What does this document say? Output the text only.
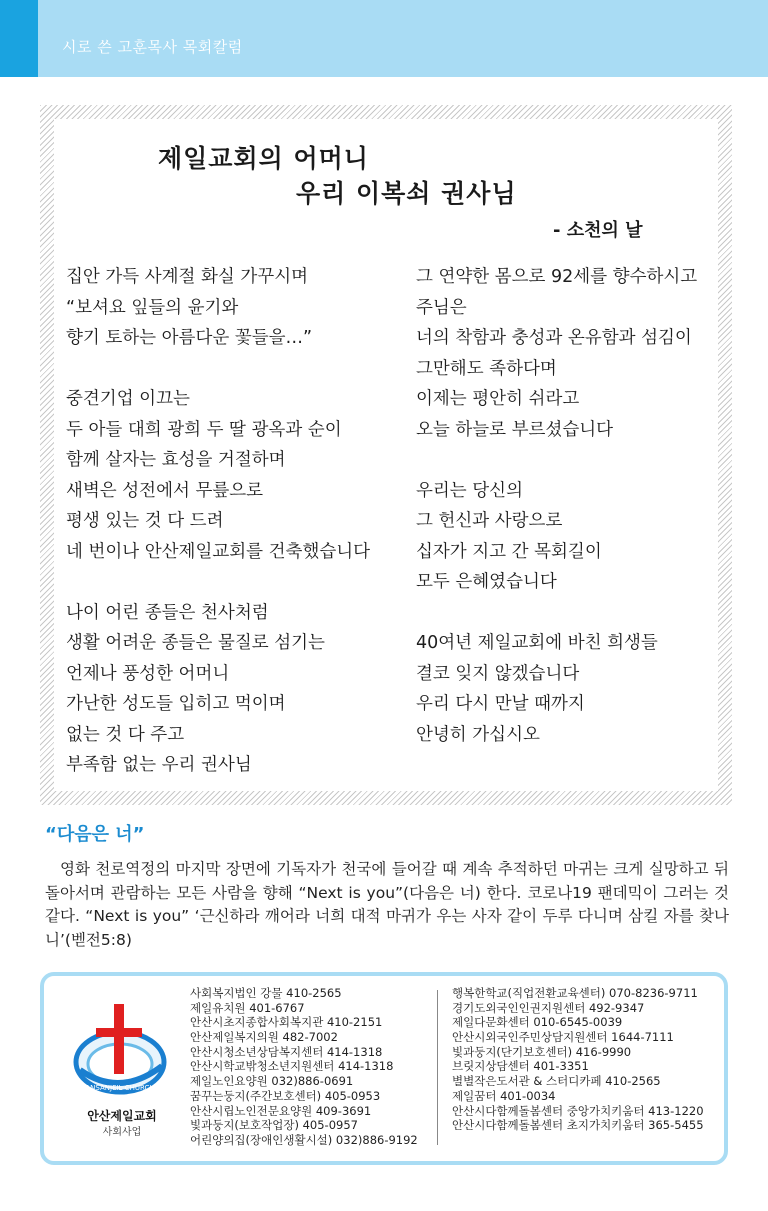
시로 쓴 고훈목사 목회칼럼
제일교회의 어머니
우리 이복쇠 권사님
- 소천의 날
집안 가득 사계절 화실 가꾸시며
“보셔요 잎들의 윤기와
향기 토하는 아름다운 꽃들을…”
중견기업 이끄는
두 아들 대희 광희 두 딸 광옥과 순이
함께 살자는 효성을 거절하며
새벽은 성전에서 무릎으로
평생 있는 것 다 드려
네 번이나 안산제일교회를 건축했습니다
나이 어린 종들은 천사처럼
생활 어려운 종들은 물질로 섬기는
언제나 풍성한 어머니
가난한 성도들 입히고 먹이며
없는 것 다 주고
부족함 없는 우리 권사님
그 연약한 몸으로 92세를 향수하시고
주님은
너의 착함과 충성과 온유함과 섬김이
그만해도 족하다며
이제는 평안히 쉬라고
오늘 하늘로 부르셨습니다
우리는 당신의
그 헌신과 사랑으로
십자가 지고 간 목회길이
모두 은혜였습니다
40여년 제일교회에 바친 희생들
결코 잊지 않겠습니다
우리 다시 만날 때까지
안녕히 가십시오
“다음은 너”
영화 천로역정의 마지막 장면에 기독자가 천국에 들어갈 때 계속 추적하던 마귀는 크게 실망하고 뒤돌아서며 관람하는 모든 사람을 향해 “Next is you”(다음은 너) 한다. 코로나19 팬데믹이 그러는 것 같다. “Next is you” ‘근신하라 깨어라 너희 대적 마귀가 우는 사자 같이 두루 다니며 삼킬 자를 찾나니’(벧전5:8)
ANSANJEIL CHURCH
안산제일교회
사회사업
사회복지법인 강물 410-2565
제일유치원 401-6767
안산시초지종합사회복지관 410-2151
안산제일복지의원 482-7002
안산시청소년상담복지센터 414-1318
안산시학교밖청소년지원센터 414-1318
제일노인요양원 032)886-0691
꿈꾸는둥지(주간보호센터) 405-0953
안산시립노인전문요양원 409-3691
빛과둥지(보호작업장) 405-0957
어린양의집(장애인생활시설) 032)886-9192
행복한학교(직업전환교육센터) 070-8236-9711
경기도외국인인권지원센터 492-9347
제일다문화센터 010-6545-0039
안산시외국인주민상담지원센터 1644-7111
빛과둥지(단기보호센터) 416-9990
브릿지상담센터 401-3351
별별작은도서관 & 스터디카페 410-2565
제일꿈터 401-0034
안산시다함께돌봄센터 중앙가치키움터 413-1220
안산시다함께돌봄센터 초지가치키움터 365-5455
